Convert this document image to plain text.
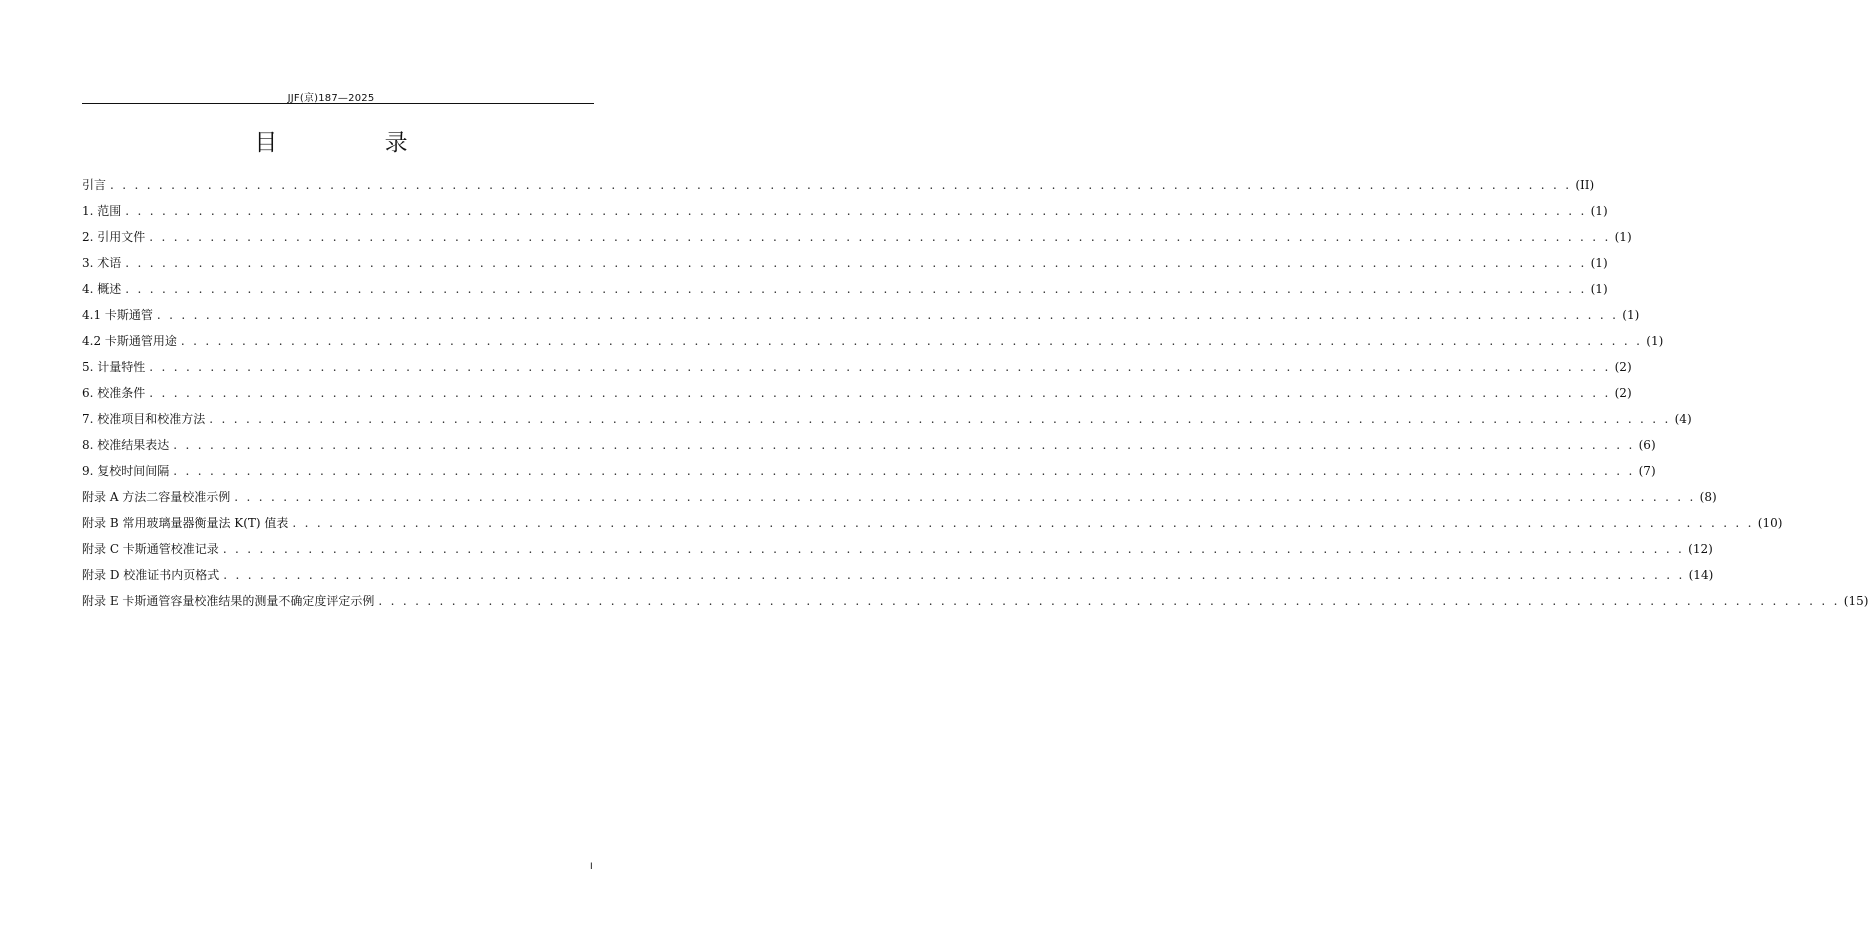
JJF(京)187—2025
目 录
引言 . . . . . . . . . . . . . . . . . . . . . . . . . . . . . . . . . . . . . . . . . . . . . . . . . . . . . . . . . . . . . . . . . . . . . . . . . . . . . . . . . . . . . . . . . . . . . . . . . . . . . . . . . . . . . . . . . . . . . . . . (II)
1. 范围 . . . . . . . . . . . . . . . . . . . . . . . . . . . . . . . . . . . . . . . . . . . . . . . . . . . . . . . . . . . . . . . . . . . . . . . . . . . . . . . . . . . . . . . . . . . . . . . . . . . . . . . . . . . . . . . . . . . . . . . . (1)
2. 引用文件 . . . . . . . . . . . . . . . . . . . . . . . . . . . . . . . . . . . . . . . . . . . . . . . . . . . . . . . . . . . . . . . . . . . . . . . . . . . . . . . . . . . . . . . . . . . . . . . . . . . . . . . . . . . . . . . . . . . . . . . . (1)
3. 术语 . . . . . . . . . . . . . . . . . . . . . . . . . . . . . . . . . . . . . . . . . . . . . . . . . . . . . . . . . . . . . . . . . . . . . . . . . . . . . . . . . . . . . . . . . . . . . . . . . . . . . . . . . . . . . . . . . . . . . . . . (1)
4. 概述 . . . . . . . . . . . . . . . . . . . . . . . . . . . . . . . . . . . . . . . . . . . . . . . . . . . . . . . . . . . . . . . . . . . . . . . . . . . . . . . . . . . . . . . . . . . . . . . . . . . . . . . . . . . . . . . . . . . . . . . . (1)
4.1 卡斯通管 . . . . . . . . . . . . . . . . . . . . . . . . . . . . . . . . . . . . . . . . . . . . . . . . . . . . . . . . . . . . . . . . . . . . . . . . . . . . . . . . . . . . . . . . . . . . . . . . . . . . . . . . . . . . . . . . . . . . . . . . (1)
4.2 卡斯通管用途 . . . . . . . . . . . . . . . . . . . . . . . . . . . . . . . . . . . . . . . . . . . . . . . . . . . . . . . . . . . . . . . . . . . . . . . . . . . . . . . . . . . . . . . . . . . . . . . . . . . . . . . . . . . . . . . . . . . . . . . . (1)
5. 计量特性 . . . . . . . . . . . . . . . . . . . . . . . . . . . . . . . . . . . . . . . . . . . . . . . . . . . . . . . . . . . . . . . . . . . . . . . . . . . . . . . . . . . . . . . . . . . . . . . . . . . . . . . . . . . . . . . . . . . . . . . . (2)
6. 校准条件 . . . . . . . . . . . . . . . . . . . . . . . . . . . . . . . . . . . . . . . . . . . . . . . . . . . . . . . . . . . . . . . . . . . . . . . . . . . . . . . . . . . . . . . . . . . . . . . . . . . . . . . . . . . . . . . . . . . . . . . . (2)
7. 校准项目和校准方法 . . . . . . . . . . . . . . . . . . . . . . . . . . . . . . . . . . . . . . . . . . . . . . . . . . . . . . . . . . . . . . . . . . . . . . . . . . . . . . . . . . . . . . . . . . . . . . . . . . . . . . . . . . . . . . . . . . . . . . . . (4)
8. 校准结果表达 . . . . . . . . . . . . . . . . . . . . . . . . . . . . . . . . . . . . . . . . . . . . . . . . . . . . . . . . . . . . . . . . . . . . . . . . . . . . . . . . . . . . . . . . . . . . . . . . . . . . . . . . . . . . . . . . . . . . . . . . (6)
9. 复校时间间隔 . . . . . . . . . . . . . . . . . . . . . . . . . . . . . . . . . . . . . . . . . . . . . . . . . . . . . . . . . . . . . . . . . . . . . . . . . . . . . . . . . . . . . . . . . . . . . . . . . . . . . . . . . . . . . . . . . . . . . . . . (7)
附录 A 方法二容量校准示例 . . . . . . . . . . . . . . . . . . . . . . . . . . . . . . . . . . . . . . . . . . . . . . . . . . . . . . . . . . . . . . . . . . . . . . . . . . . . . . . . . . . . . . . . . . . . . . . . . . . . . . . . . . . . . . . . . . . . . . . . (8)
附录 B 常用玻璃量器衡量法 K(T) 值表 . . . . . . . . . . . . . . . . . . . . . . . . . . . . . . . . . . . . . . . . . . . . . . . . . . . . . . . . . . . . . . . . . . . . . . . . . . . . . . . . . . . . . . . . . . . . . . . . . . . . . . . . . . . . . . . . . . . . . . . . (10)
附录 C 卡斯通管校准记录 . . . . . . . . . . . . . . . . . . . . . . . . . . . . . . . . . . . . . . . . . . . . . . . . . . . . . . . . . . . . . . . . . . . . . . . . . . . . . . . . . . . . . . . . . . . . . . . . . . . . . . . . . . . . . . . . . . . . . . . . (12)
附录 D 校准证书内页格式 . . . . . . . . . . . . . . . . . . . . . . . . . . . . . . . . . . . . . . . . . . . . . . . . . . . . . . . . . . . . . . . . . . . . . . . . . . . . . . . . . . . . . . . . . . . . . . . . . . . . . . . . . . . . . . . . . . . . . . . . (14)
附录 E 卡斯通管容量校准结果的测量不确定度评定示例 . . . . . . . . . . . . . . . . . . . . . . . . . . . . . . . . . . . . . . . . . . . . . . . . . . . . . . . . . . . . . . . . . . . . . . . . . . . . . . . . . . . . . . . . . . . . . . . . . . . . . . . . . . . . . . . . . . . . . . . . (15)
I
